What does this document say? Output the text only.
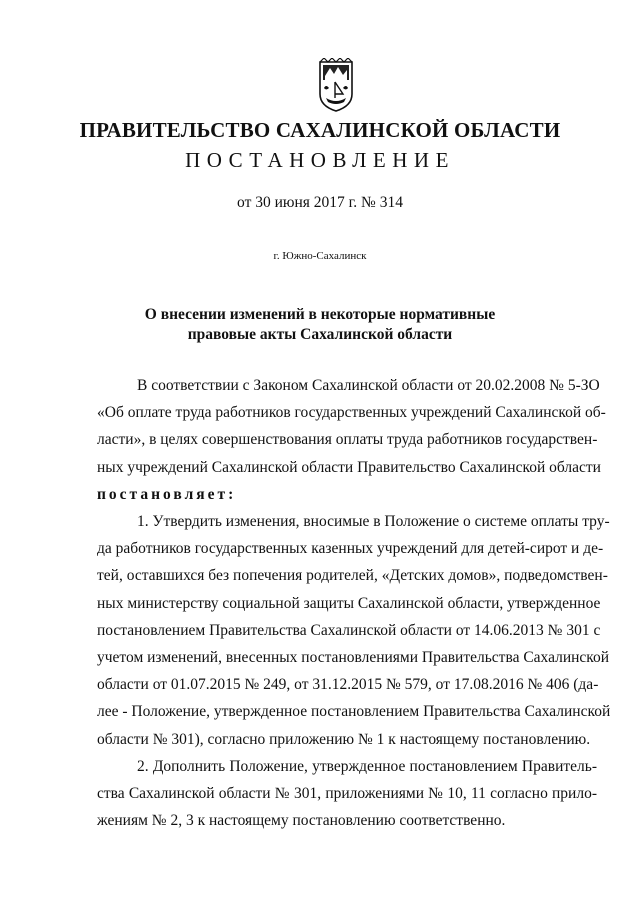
ПРАВИТЕЛЬСТВО САХАЛИНСКОЙ ОБЛАСТИ
ПОСТАНОВЛЕНИЕ
от 30 июня 2017 г. № 314
г. Южно-Сахалинск
О внесении изменений в некоторые нормативные
правовые акты Сахалинской области
В соответствии с Законом Сахалинской области от 20.02.2008 № 5-ЗО
«Об оплате труда работников государственных учреждений Сахалинской об-
ласти», в целях совершенствования оплаты труда работников государствен-
ных учреждений Сахалинской области Правительство Сахалинской области
постановляет:
1. Утвердить изменения, вносимые в Положение о системе оплаты тру-
да работников государственных казенных учреждений для детей-сирот и де-
тей, оставшихся без попечения родителей, «Детских домов», подведомствен-
ных министерству социальной защиты Сахалинской области, утвержденное
постановлением Правительства Сахалинской области от 14.06.2013 № 301 с
учетом изменений, внесенных постановлениями Правительства Сахалинской
области от 01.07.2015 № 249, от 31.12.2015 № 579, от 17.08.2016 № 406 (да-
лее - Положение, утвержденное постановлением Правительства Сахалинской
области № 301), согласно приложению № 1 к настоящему постановлению.
2. Дополнить Положение, утвержденное постановлением Правитель-
ства Сахалинской области № 301, приложениями № 10, 11 согласно прило-
жениям № 2, 3 к настоящему постановлению соответственно.
